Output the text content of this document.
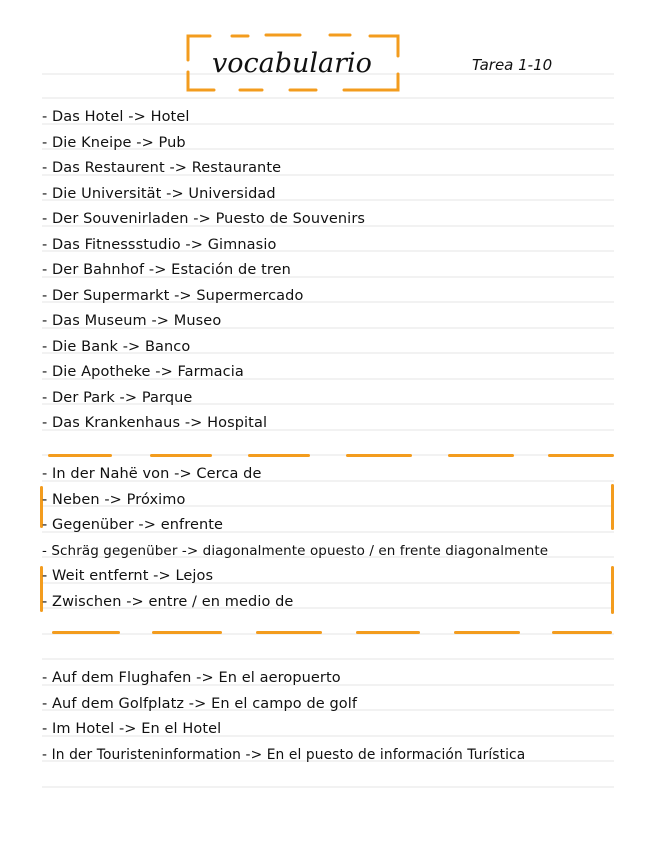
vocabulario	Tarea 1-10
- Das Hotel -> Hotel
- Die Kneipe -> Pub
- Das Restaurent -> Restaurante
- Die Universität -> Universidad
- Der Souvenirladen -> Puesto de Souvenirs
- Das Fitnessstudio -> Gimnasio
- Der Bahnhof -> Estación de tren
- Der Supermarkt -> Supermercado
- Das Museum -> Museo
- Die Bank -> Banco
- Die Apotheke -> Farmacia
- Der Park -> Parque
- Das Krankenhaus -> Hospital
- In der Nahë von -> Cerca de
- Neben -> Próximo
- Gegenüber -> enfrente
- Schräg gegenüber -> diagonalmente opuesto / en frente diagonalmente
- Weit entfernt -> Lejos
- Zwischen -> entre / en medio de
- Auf dem Flughafen -> En el aeropuerto
- Auf dem Golfplatz -> En el campo de golf
- Im Hotel -> En el Hotel
- In der Touristeninformation -> En el puesto de información Turística
